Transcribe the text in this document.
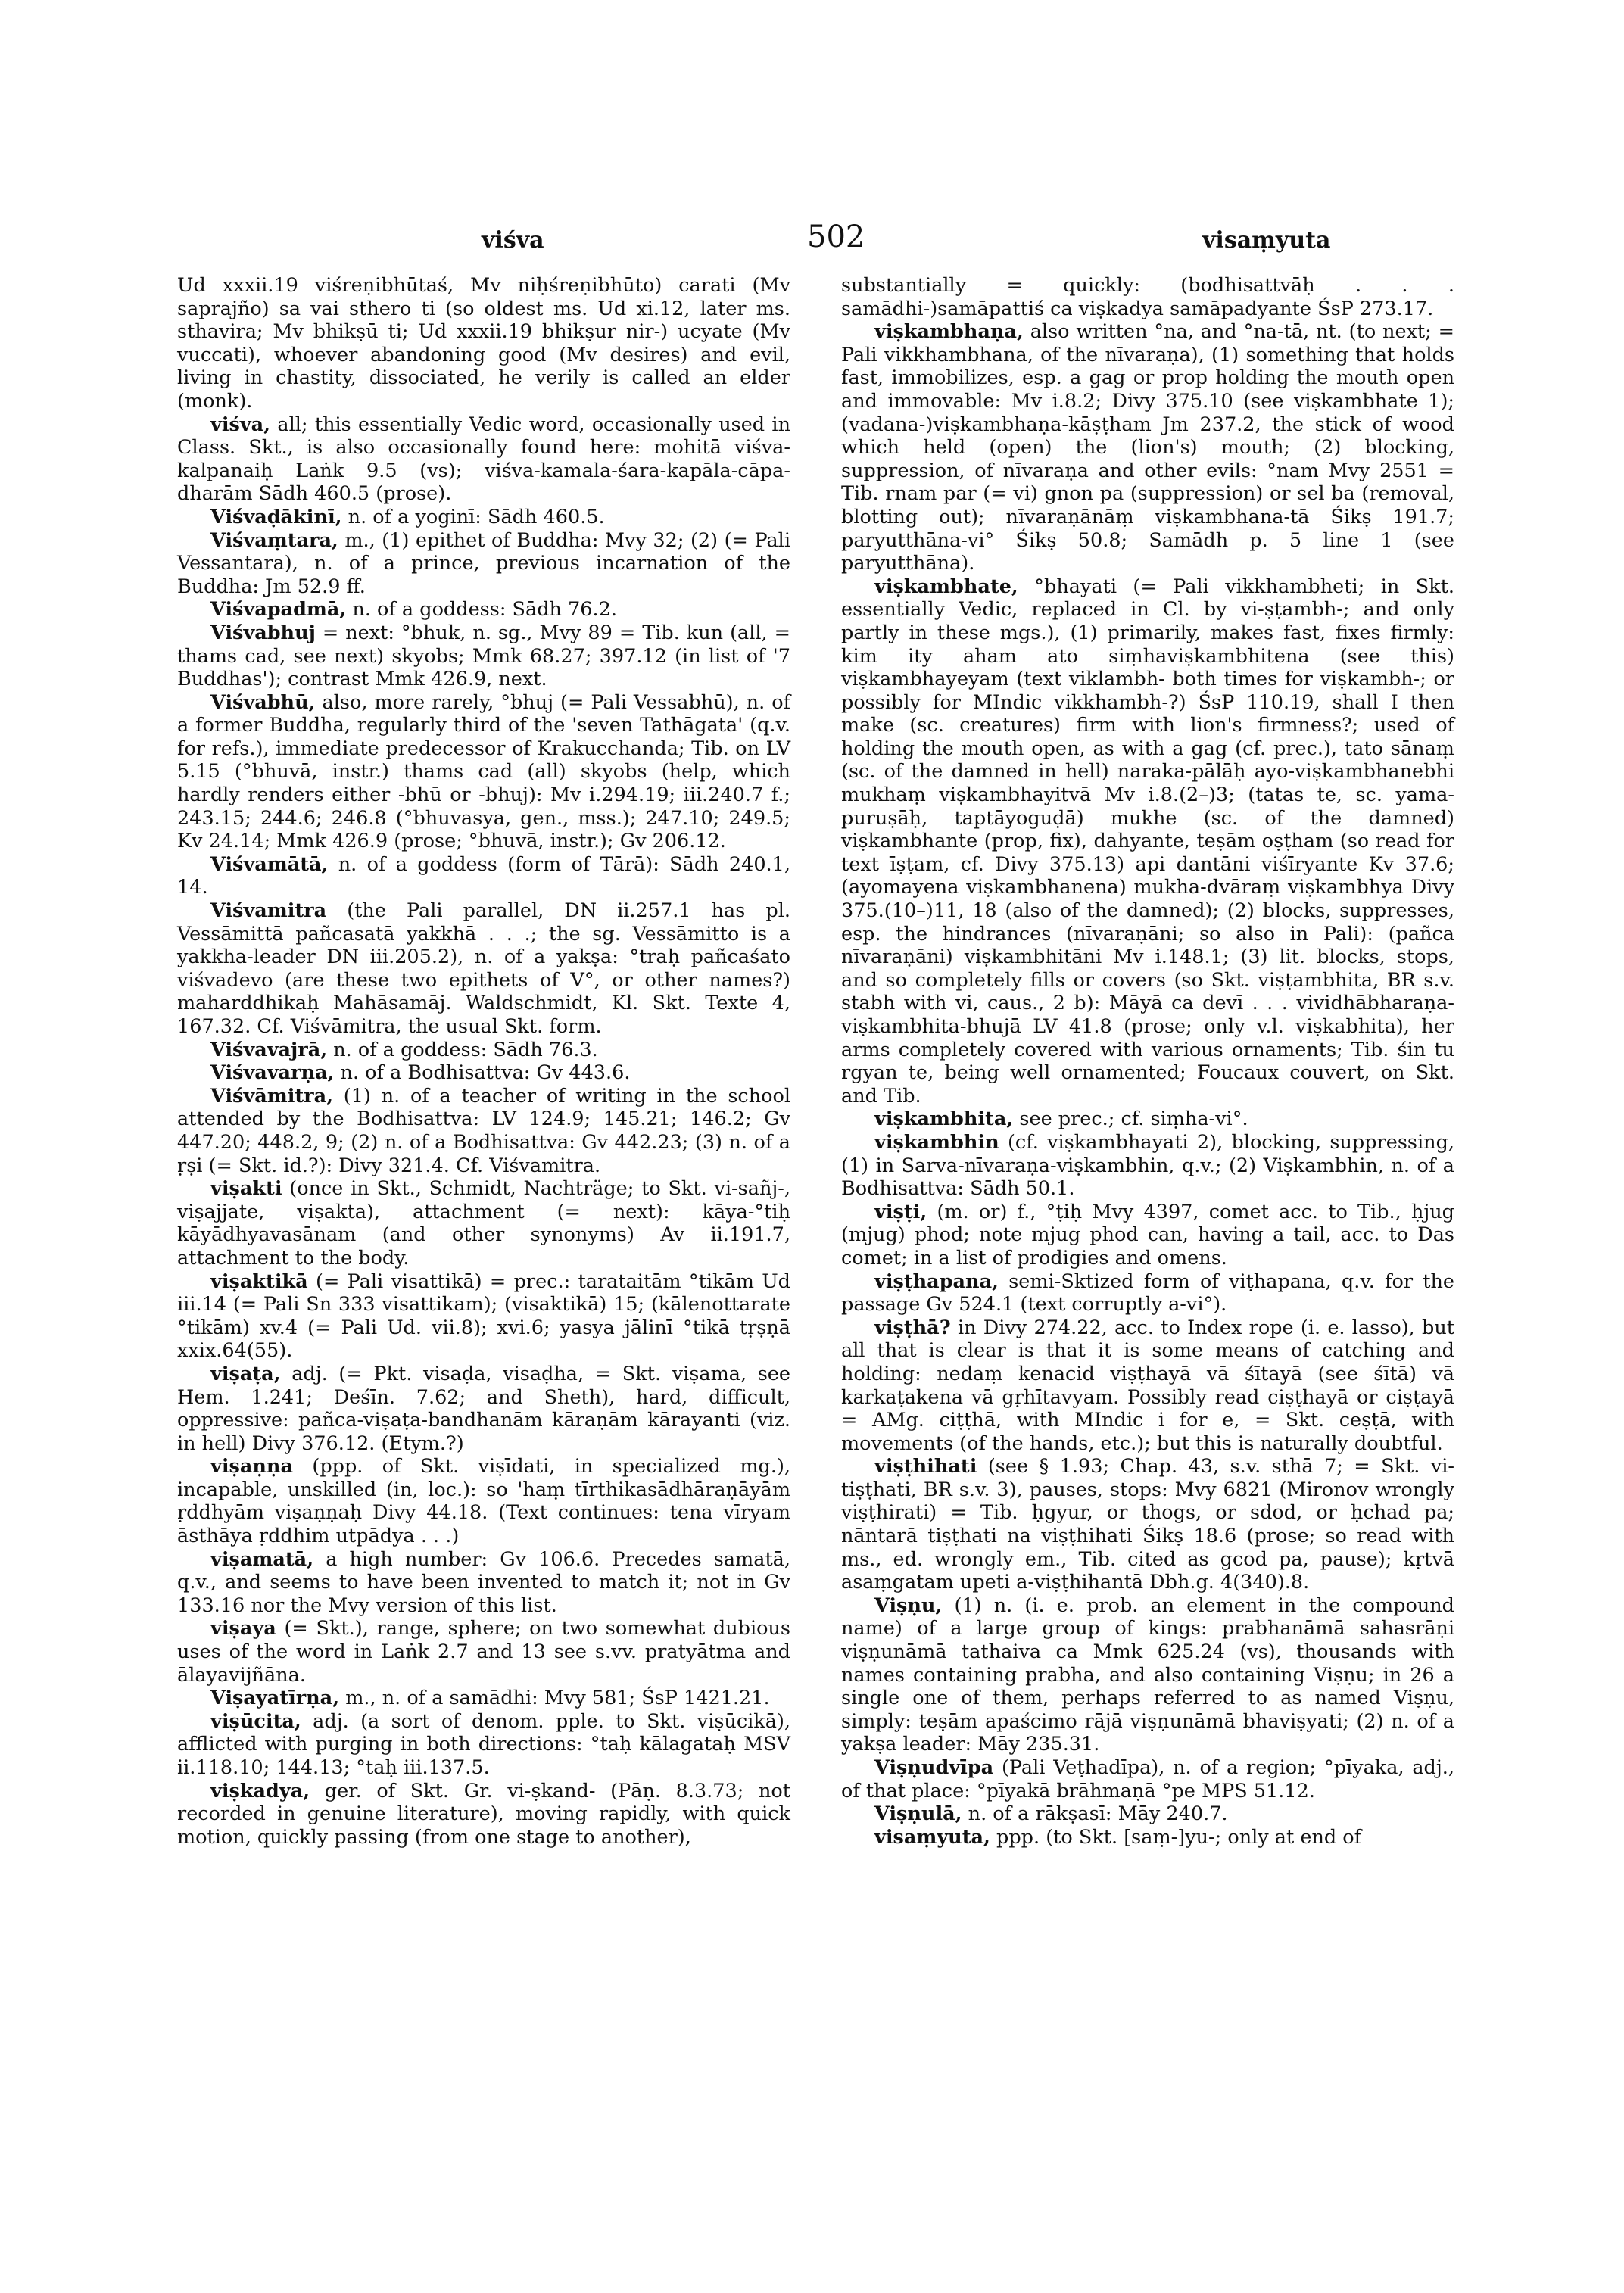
viśva	502	visaṃyuta

Ud xxxii.19 viśreṇibhūtaś, Mv niḥśreṇibhūto) carati (Mv saprajño) sa vai sthero ti (so oldest ms. Ud xi.12, later ms. sthavira; Mv bhikṣū ti; Ud xxxii.19 bhikṣur nir-) ucyate (Mv vuccati), whoever abandoning good (Mv desires) and evil, living in chastity, dissociated, he verily is called an elder (monk).

viśva, all; this essentially Vedic word, occasionally used in Class. Skt., is also occasionally found here: mohitā viśva-kalpanaiḥ Laṅk 9.5 (vs); viśva-kamala-śara-kapāla-cāpa-dharām Sādh 460.5 (prose).

Viśvaḍākinī, n. of a yoginī: Sādh 460.5.

Viśvaṃtara, m., (1) epithet of Buddha: Mvy 32; (2) (= Pali Vessantara), n. of a prince, previous incarnation of the Buddha: Jm 52.9 ff.

Viśvapadmā, n. of a goddess: Sādh 76.2.

Viśvabhuj = next: °bhuk, n. sg., Mvy 89 = Tib. kun (all, = thams cad, see next) skyobs; Mmk 68.27; 397.12 (in list of '7 Buddhas'); contrast Mmk 426.9, next.

Viśvabhū, also, more rarely, °bhuj (= Pali Vessabhū), n. of a former Buddha, regularly third of the 'seven Tathāgata' (q.v. for refs.), immediate predecessor of Krakucchanda; Tib. on LV 5.15 (°bhuvā, instr.) thams cad (all) skyobs (help, which hardly renders either -bhū or -bhuj): Mv i.294.19; iii.240.7 f.; 243.15; 244.6; 246.8 (°bhuvasya, gen., mss.); 247.10; 249.5; Kv 24.14; Mmk 426.9 (prose; °bhuvā, instr.); Gv 206.12.

Viśvamātā, n. of a goddess (form of Tārā): Sādh 240.1, 14.

Viśvamitra (the Pali parallel, DN ii.257.1 has pl. Vessāmittā pañcasatā yakkhā . . .; the sg. Vessāmitto is a yakkha-leader DN iii.205.2), n. of a yakṣa: °traḥ pañcaśato viśvadevo (are these two epithets of V°, or other names?) maharddhikaḥ Mahāsamāj. Waldschmidt, Kl. Skt. Texte 4, 167.32. Cf. Viśvāmitra, the usual Skt. form.

Viśvavajrā, n. of a goddess: Sādh 76.3.

Viśvavarṇa, n. of a Bodhisattva: Gv 443.6.

Viśvāmitra, (1) n. of a teacher of writing in the school attended by the Bodhisattva: LV 124.9; 145.21; 146.2; Gv 447.20; 448.2, 9; (2) n. of a Bodhisattva: Gv 442.23; (3) n. of a ṛṣi (= Skt. id.?): Divy 321.4. Cf. Viśvamitra.

viṣakti (once in Skt., Schmidt, Nachträge; to Skt. vi-sañj-, viṣajjate, viṣakta), attachment (= next): kāya-°tiḥ kāyādhyavasānam (and other synonyms) Av ii.191.7, attachment to the body.

viṣaktikā (= Pali visattikā) = prec.: tarataitām °tikām Ud iii.14 (= Pali Sn 333 visattikam); (visaktikā) 15; (kālenottarate °tikām) xv.4 (= Pali Ud. vii.8); xvi.6; yasya jālinī °tikā tṛṣṇā xxix.64(55).

viṣaṭa, adj. (= Pkt. visaḍa, visaḍha, = Skt. viṣama, see Hem. 1.241; Deśīn. 7.62; and Sheth), hard, difficult, oppressive: pañca-viṣaṭa-bandhanām kāraṇām kārayanti (viz. in hell) Divy 376.12. (Etym.?)

viṣaṇṇa (ppp. of Skt. viṣīdati, in specialized mg.), incapable, unskilled (in, loc.): so 'haṃ tīrthikasādhāraṇāyām ṛddhyām viṣaṇṇaḥ Divy 44.18. (Text continues: tena vīryam āsthāya ṛddhim utpādya . . .)

viṣamatā, a high number: Gv 106.6. Precedes samatā, q.v., and seems to have been invented to match it; not in Gv 133.16 nor the Mvy version of this list.

viṣaya (= Skt.), range, sphere; on two somewhat dubious uses of the word in Laṅk 2.7 and 13 see s.vv. pratyātma and ālayavijñāna.

Viṣayatīrṇa, m., n. of a samādhi: Mvy 581; ŚsP 1421.21.

viṣūcita, adj. (a sort of denom. pple. to Skt. viṣūcikā), afflicted with purging in both directions: °taḥ kālagataḥ MSV ii.118.10; 144.13; °taḥ iii.137.5.

viṣkadya, ger. of Skt. Gr. vi-ṣkand- (Pāṇ. 8.3.73; not recorded in genuine literature), moving rapidly, with quick motion, quickly passing (from one stage to another),

substantially = quickly: (bodhisattvāḥ . . . samādhi-)samāpattiś ca viṣkadya samāpadyante ŚsP 273.17.

viṣkambhaṇa, also written °na, and °na-tā, nt. (to next; = Pali vikkhambhana, of the nīvaraṇa), (1) something that holds fast, immobilizes, esp. a gag or prop holding the mouth open and immovable: Mv i.8.2; Divy 375.10 (see viṣkambhate 1); (vadana-)viṣkambhaṇa-kāṣṭham Jm 237.2, the stick of wood which held (open) the (lion's) mouth; (2) blocking, suppression, of nīvaraṇa and other evils: °nam Mvy 2551 = Tib. rnam par (= vi) gnon pa (suppression) or sel ba (removal, blotting out); nīvaraṇānāṃ viṣkambhana-tā Śikṣ 191.7; paryutthāna-vi° Śikṣ 50.8; Samādh p. 5 line 1 (see paryutthāna).

viṣkambhate, °bhayati (= Pali vikkhambheti; in Skt. essentially Vedic, replaced in Cl. by vi-ṣṭambh-; and only partly in these mgs.), (1) primarily, makes fast, fixes firmly: kim ity aham ato siṃhaviṣkambhitena (see this) viṣkambhayeyam (text viklambh- both times for viṣkambh-; or possibly for MIndic vikkhambh-?) ŚsP 110.19, shall I then make (sc. creatures) firm with lion's firmness?; used of holding the mouth open, as with a gag (cf. prec.), tato sānaṃ (sc. of the damned in hell) naraka-pālāḥ ayo-viṣkambhanebhi mukhaṃ viṣkambhayitvā Mv i.8.(2–)3; (tatas te, sc. yama-puruṣāḥ, taptāyoguḍā) mukhe (sc. of the damned) viṣkambhante (prop, fix), dahyante, teṣām oṣṭham (so read for text īṣṭam, cf. Divy 375.13) api dantāni viśīryante Kv 37.6; (ayomayena viṣkambhanena) mukha-dvāraṃ viṣkambhya Divy 375.(10–)11, 18 (also of the damned); (2) blocks, suppresses, esp. the hindrances (nīvaraṇāni; so also in Pali): (pañca nīvaraṇāni) viṣkambhitāni Mv i.148.1; (3) lit. blocks, stops, and so completely fills or covers (so Skt. viṣṭambhita, BR s.v. stabh with vi, caus., 2 b): Māyā ca devī . . . vividhābharaṇa-viṣkambhita-bhujā LV 41.8 (prose; only v.l. viṣkabhita), her arms completely covered with various ornaments; Tib. śin tu rgyan te, being well ornamented; Foucaux couvert, on Skt. and Tib.

viṣkambhita, see prec.; cf. siṃha-vi°.

viṣkambhin (cf. viṣkambhayati 2), blocking, suppressing, (1) in Sarva-nīvaraṇa-viṣkambhin, q.v.; (2) Viṣkambhin, n. of a Bodhisattva: Sādh 50.1.

viṣṭi, (m. or) f., °ṭiḥ Mvy 4397, comet acc. to Tib., ḥjug (mjug) phod; note mjug phod can, having a tail, acc. to Das comet; in a list of prodigies and omens.

viṣṭhapana, semi-Sktized form of viṭhapana, q.v. for the passage Gv 524.1 (text corruptly a-vi°).

viṣṭhā? in Divy 274.22, acc. to Index rope (i. e. lasso), but all that is clear is that it is some means of catching and holding: nedaṃ kenacid viṣṭhayā vā śītayā (see śītā) vā karkaṭakena vā gṛhītavyam. Possibly read ciṣṭhayā or ciṣṭayā = AMg. ciṭṭhā, with MIndic i for e, = Skt. ceṣṭā, with movements (of the hands, etc.); but this is naturally doubtful.

viṣṭhihati (see § 1.93; Chap. 43, s.v. sthā 7; = Skt. vi-tiṣṭhati, BR s.v. 3), pauses, stops: Mvy 6821 (Mironov wrongly viṣṭhirati) = Tib. ḥgyur, or thogs, or sdod, or ḥchad pa; nāntarā tiṣṭhati na viṣṭhihati Śikṣ 18.6 (prose; so read with ms., ed. wrongly em., Tib. cited as gcod pa, pause); kṛtvā asaṃgatam upeti a-viṣṭhihantā Dbh.g. 4(340).8.

Viṣṇu, (1) n. (i. e. prob. an element in the compound name) of a large group of kings: prabhanāmā sahasrāṇi viṣṇunāmā tathaiva ca Mmk 625.24 (vs), thousands with names containing prabha, and also containing Viṣṇu; in 26 a single one of them, perhaps referred to as named Viṣṇu, simply: teṣām apaścimo rājā viṣṇunāmā bhaviṣyati; (2) n. of a yakṣa leader: Māy 235.31.

Viṣṇudvīpa (Pali Veṭhadīpa), n. of a region; °pīyaka, adj., of that place: °pīyakā brāhmaṇā °pe MPS 51.12.

Viṣṇulā, n. of a rākṣasī: Māy 240.7.

visaṃyuta, ppp. (to Skt. [saṃ-]yu-; only at end of
